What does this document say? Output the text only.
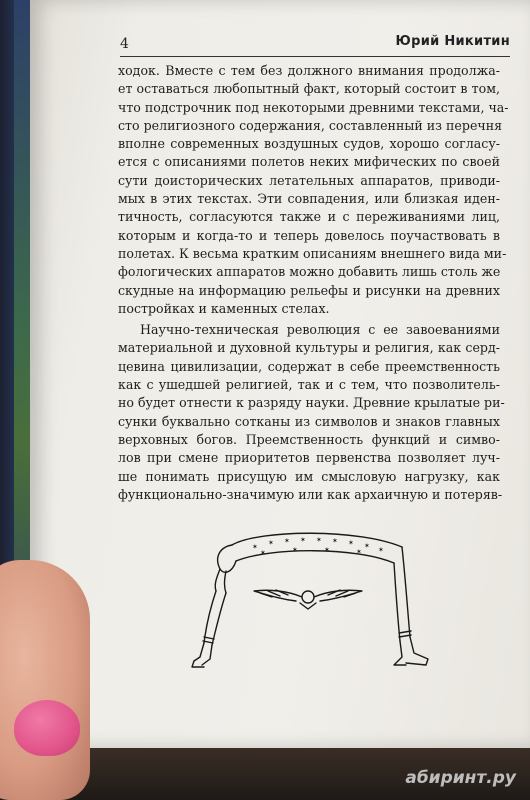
4	Юрий Никитин
ходок. Вместе с тем без должного внимания продолжа-
ет оставаться любопытный факт, который состоит в том,
что подстрочник под некоторыми древними текстами, ча-
сто религиозного содержания, составленный из перечня
вполне современных воздушных судов, хорошо согласу-
ется с описаниями полетов неких мифических по своей
сути доисторических летательных аппаратов, приводи-
мых в этих текстах. Эти совпадения, или близкая иден-
тичность, согласуются также и с переживаниями лиц,
которым и когда-то и теперь довелось поучаствовать в
полетах. К весьма кратким описаниям внешнего вида ми-
фологических аппаратов можно добавить лишь столь же
скудные на информацию рельефы и рисунки на древних
постройках и каменных стелах.
Научно-техническая революция с ее завоеваниями
материальной и духовной культуры и религия, как серд-
цевина цивилизации, содержат в себе преемственность
как с ушедшей религией, так и с тем, что позволитель-
но будет отнести к разряду науки. Древние крылатые ри-
сунки буквально сотканы из символов и знаков главных
верховных богов. Преемственность функций и симво-
лов при смене приоритетов первенства позволяет луч-
ше понимать присущую им смысловую нагрузку, как
функционально-значимую или как архаичную и потеряв-
✶ ✶ ✶ ✶ ✶ ✶ ✶ ✶ ✶
✶	✶	✶	✶
абиринт.ру
